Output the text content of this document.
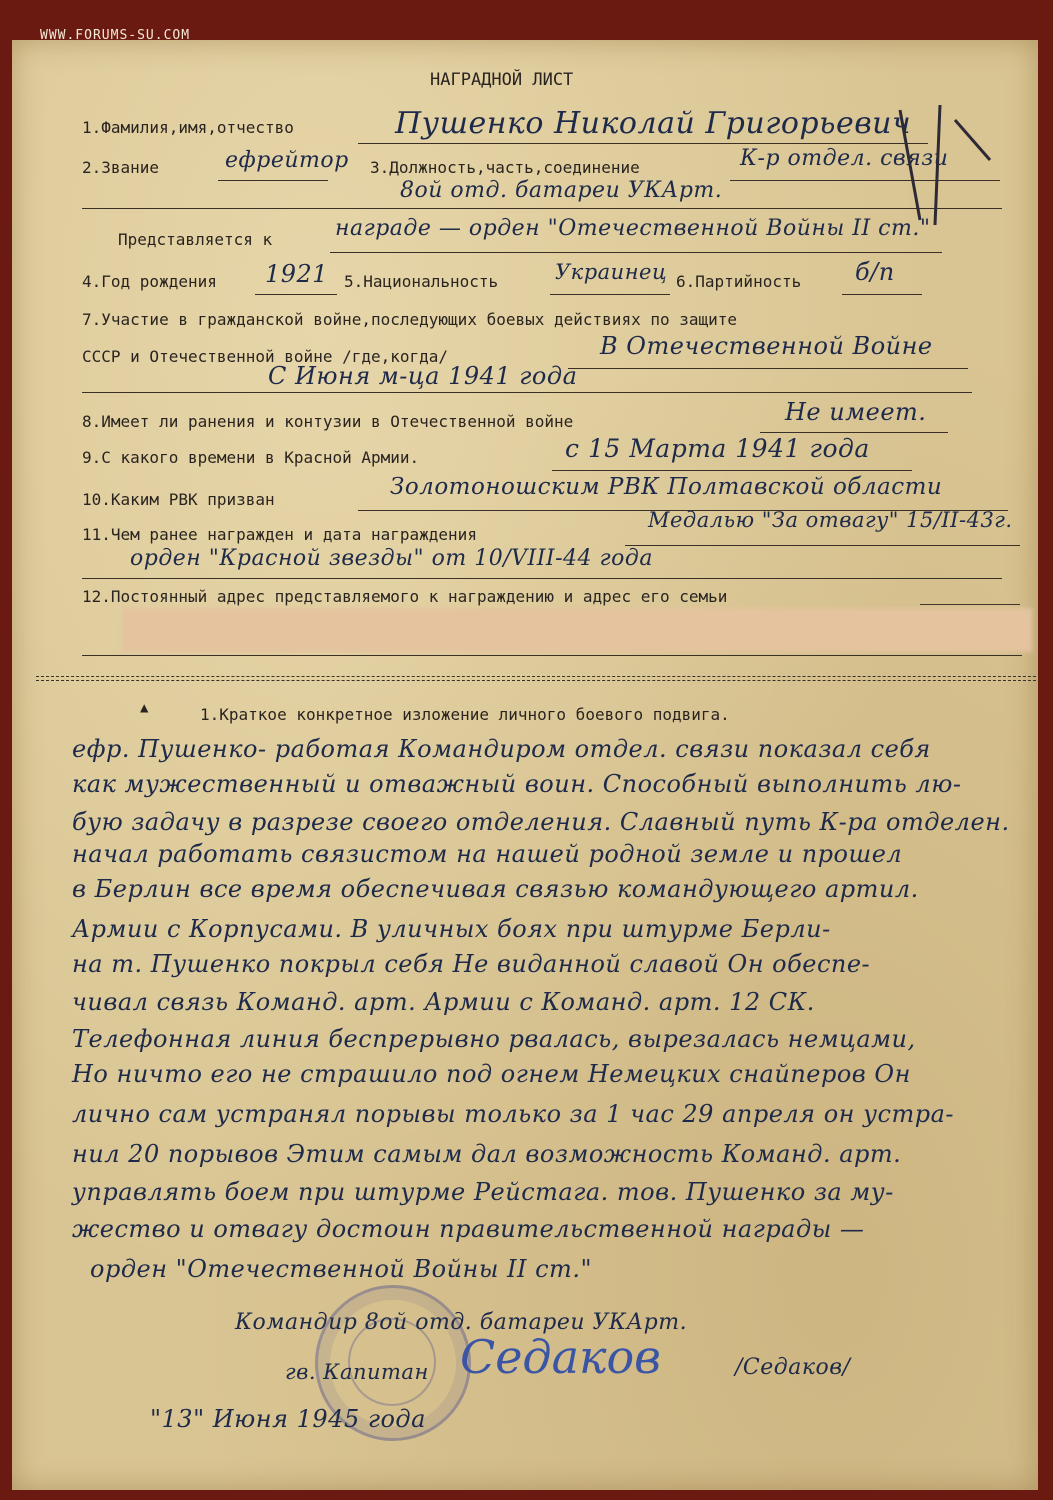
WWW.FORUMS-SU.COM
НАГРАДНОЙ ЛИСТ
1.Фамилия,имя,отчество	Пушенко Николай Григорьевич
2.Звание	ефрейтор 3.Должность,часть,соединение	К-р отдел. связи
8ой отд. батареи УКАрт.
Представляется к	награде — орден "Отечественной Войны II ст."
4.Год рождения 1921 5.Национальность	Украинец 6.Партийность б/п
7.Участие в гражданской войне,последующих боевых действиях по защите
СССР и Отечественной войне /где,когда/	В Отечественной Войне
С Июня м-ца 1941 года
8.Имеет ли ранения и контузии в Отечественной войне	Не имеет.
9.С какого времени в Красной Армии.	с 15 Марта 1941 года
10.Каким РВК призван	Золотоношским РВК Полтавской области
11.Чем ранее награжден и дата награждения
Медалью "За отвагу" 15/II-43г.
орден "Красной звезды" от 10/VIII-44 года
12.Постоянный адрес представляемого к награждению и адрес его семьи
▲	1.Краткое конкретное изложение личного боевого подвига.
ефр. Пушенко- работая Командиром отдел. связи показал себя
как мужественный и отважный воин. Способный выполнить лю-
бую задачу в разрезе своего отделения. Славный путь К-ра отделен.
начал работать связистом на нашей родной земле и прошел
в Берлин все время обеспечивая связью командующего артил.
Армии с Корпусами. В уличных боях при штурме Берли-
на т. Пушенко покрыл себя Не виданной славой Он обеспе-
чивал связь Команд. арт. Армии с Команд. арт. 12 СК.
Телефонная линия беспрерывно рвалась, вырезалась немцами,
Но ничто его не страшило под огнем Немецких снайперов Он
лично сам устранял порывы только за 1 час 29 апреля он устра-
нил 20 порывов Этим самым дал возможность Команд. арт.
управлять боем при штурме Рейстага. тов. Пушенко за му-
жество и отвагу достоин правительственной награды —
орден "Отечественной Войны II ст."
Командир 8ой отд. батареи УКАрт.
гв. Капитан Седаков	/Седаков/
"13" Июня 1945 года
